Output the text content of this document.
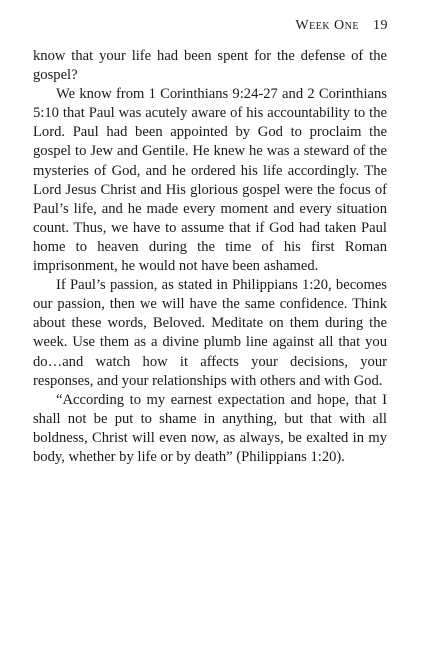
Week One 19

know that your life had been spent for the defense of the gospel?

We know from 1 Corinthians 9:24-27 and 2 Corinthians 5:10 that Paul was acutely aware of his accountability to the Lord. Paul had been appointed by God to proclaim the gospel to Jew and Gentile. He knew he was a steward of the mysteries of God, and he ordered his life accordingly. The Lord Jesus Christ and His glorious gospel were the focus of Paul’s life, and he made every moment and every situation count. Thus, we have to assume that if God had taken Paul home to heaven during the time of his first Roman imprisonment, he would not have been ashamed.

If Paul’s passion, as stated in Philippians 1:20, becomes our passion, then we will have the same confidence. Think about these words, Beloved. Meditate on them during the week. Use them as a divine plumb line against all that you do…and watch how it affects your decisions, your responses, and your relationships with others and with God.

“According to my earnest expectation and hope, that I shall not be put to shame in anything, but that with all boldness, Christ will even now, as always, be exalted in my body, whether by life or by death” (Philippians 1:20).
